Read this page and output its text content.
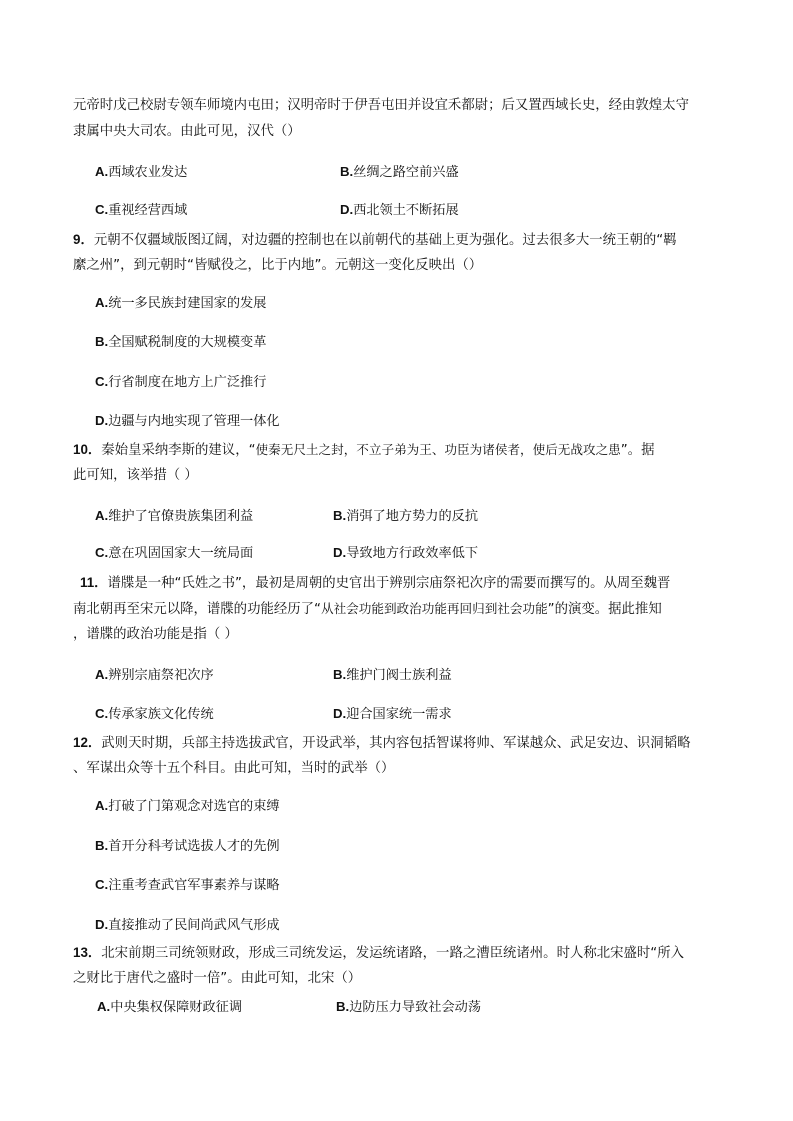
元帝时戊己校尉专领车师境内屯田；汉明帝时于伊吾屯田并设宜禾都尉；后又置西域长史，经由敦煌太守
隶属中央大司农。由此可见，汉代（）
A.西域农业发达	B.丝绸之路空前兴盛
C.重视经营西域	D.西北领土不断拓展
9．元朝不仅疆域版图辽阔，对边疆的控制也在以前朝代的基础上更为强化。过去很多大一统王朝的“羁
縻之州”，到元朝时“皆赋役之，比于内地”。元朝这一变化反映出（）
A.统一多民族封建国家的发展
B.全国赋税制度的大规模变革
C.行省制度在地方上广泛推行
D.边疆与内地实现了管理一体化
10．秦始皇采纳李斯的建议，“使秦无尺土之封，不立子弟为王、功臣为诸侯者，使后无战攻之患”。据
此可知，该举措（ ）
A.维护了官僚贵族集团利益	B.消弭了地方势力的反抗
C.意在巩固国家大一统局面	D.导致地方行政效率低下
11．谱牒是一种“氏姓之书”，最初是周朝的史官出于辨别宗庙祭祀次序的需要而撰写的。从周至魏晋
南北朝再至宋元以降，谱牒的功能经历了“从社会功能到政治功能再回归到社会功能”的演变。据此推知
，谱牒的政治功能是指（ ）
A.辨别宗庙祭祀次序	B.维护门阀士族利益
C.传承家族文化传统	D.迎合国家统一需求
12．武则天时期，兵部主持选拔武官，开设武举，其内容包括智谋将帅、军谋越众、武足安边、识洞韬略
、军谋出众等十五个科目。由此可知，当时的武举（）
A.打破了门第观念对选官的束缚
B.首开分科考试选拔人才的先例
C.注重考查武官军事素养与谋略
D.直接推动了民间尚武风气形成
13．北宋前期三司统领财政，形成三司统发运，发运统诸路，一路之漕臣统诸州。时人称北宋盛时“所入
之财比于唐代之盛时一倍”。由此可知，北宋（）
A.中央集权保障财政征调	B.边防压力导致社会动荡
